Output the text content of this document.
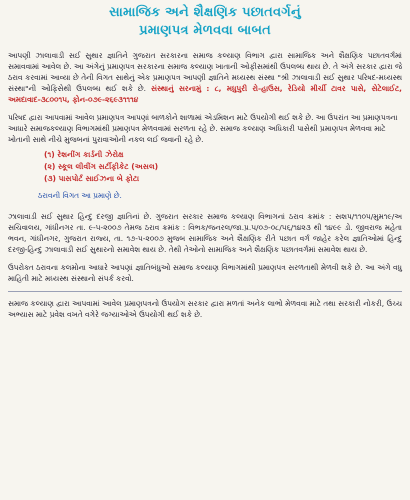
સામાજિક અને શૈક્ષણિક પછાતવર્ગનું
પ્રમાણપત્ર મેળવવા બાબત

આપણી ઝાલાવાડી સઈ સુથાર જ્ઞાતિને ગુજરાત સરકારના સમાજ કલ્યાણ વિભાગ દ્વારા સામાજિક અને શૈક્ષણિક પછાતવર્ગમાં સમાવવામાં આવેલ છે. આ અંગેનું પ્રમાણપત્ર સરકારના સમાજ કલ્યાણ ખાતાની ઓફીસમાંથી ઉપલબ્ધ થાય છે. તે અંગે સરકાર દ્વારા જે ઠરાવ કરવામાં આવ્યા છે તેની વિગત સાથેનું એક પ્રમાણપત્ર આપણી જ્ઞાતિને મધ્યસ્થ સંસ્થા "શ્રી ઝાલાવાડી સઈ સુથાર પરિષદ-મધ્યસ્થ સંસ્થા"ની ઓફિસેથી ઉપલબ્ધ થઈ શકે છે. સંસ્થાનું સરનામું : ૮, મધુપુરી રો-હાઉસ, રેડિયો મીર્ચી ટાવર પાસે, સેટેલાઈટ, અમદાવાદ-૩૮૦૦૧૫, ફોન-૦૭૯-૨૬૯૩૧૧૧૪

પરિષદ દ્વારા આપવામાં આવેલ પ્રમાણપત્ર આપણાં બાળકોને શાળામાં એડમિશન માટે ઉપયોગી થઈ શકે છે. આ ઉપરાંત આ પ્રમાણપત્રના આધારે સમાજકલ્યાણ વિભાગમાંથી પ્રમાણપત્ર મેળવવામાં સરળતા રહે છે. સમાજ કલ્યાણ અધિકારી પાસેથી પ્રમાણપત્ર મેળવવા માટે ખોતાની સાથે નીચે મુજબનાં પુરાવાઓની નકલ લઈ જવાની રહે છે.

(૧) રેશનીંગ કાર્ડની ઝેરોક્ષ
(૨) સ્કૂલ લીવીંગ સર્ટીફીકેટ (અસલ)
(૩) પાસપોર્ટ સાઈઝના બે ફોટા
ઠરાવની વિગત આ પ્રમાણે છે.

ઝાલાવાડી સઈ સુથાર હિન્દુ દરજી જ્ઞાતિનાં છે. ગુજરાત સરકાર સમાજ કલ્યાણ વિભાગનાં ઠરાવ ક્રમાંક : સશપ/૧૧૦૫/મુમ૧૯/અ સચિવાલય, ગાંધીનગર તા. ૯-૫-૨૦૦૭ તેમજ ઠરાવ ક્રમાંક : વિભક/જનરલ/જા.પ્ર.પ/૦૭-૦૮/૫૬/૧૪૨૩ થી ૧૪૯૯ ડો. જીવરાજ મહેતા ભવન, ગાંધીનગર, ગુજરાત રાજ્ય, તા. ૧૭-૫-૨૦૦૭ મુજબ સામાજિક અને શૈક્ષણિક રીતે પછાત વર્ગ જાહેર કરેલ જ્ઞાતિઓમાં હિન્દુ દરજી-હિન્દુ ઝાલાવાડી સઈ સુથારનો સમાવેશ થાય છે. તેથી તેઓનો સામાજિક અને શૈક્ષણિક પછાતવર્ગમાં સમાવેશ થાય છે.

ઉપરોક્ત ઠરાવના કલમોના આધારે આપણાં જ્ઞાતિબંધુઓ સમાજ કલ્યાણ વિભાગમાંથી પ્રમાણપત્ર સરળતાથી મેળવી શકે છે. આ અંગે વધુ માહિતી માટે મધ્યસ્થ સંસ્થાનો સંપર્ક કરવો.

સમાજ કલ્યાણ દ્વારા આપવામાં આવેલ પ્રમાણપત્રનો ઉપયોગ સરકાર દ્વારા મળતાં અનેક લાભો મેળવવા માટે તથા સરકારી નોકરી, ઉચ્ચ અભ્યાસ માટે પ્રવેશ વખતે વગેરે જગ્યાઓએ ઉપયોગી થઈ શકે છે.
